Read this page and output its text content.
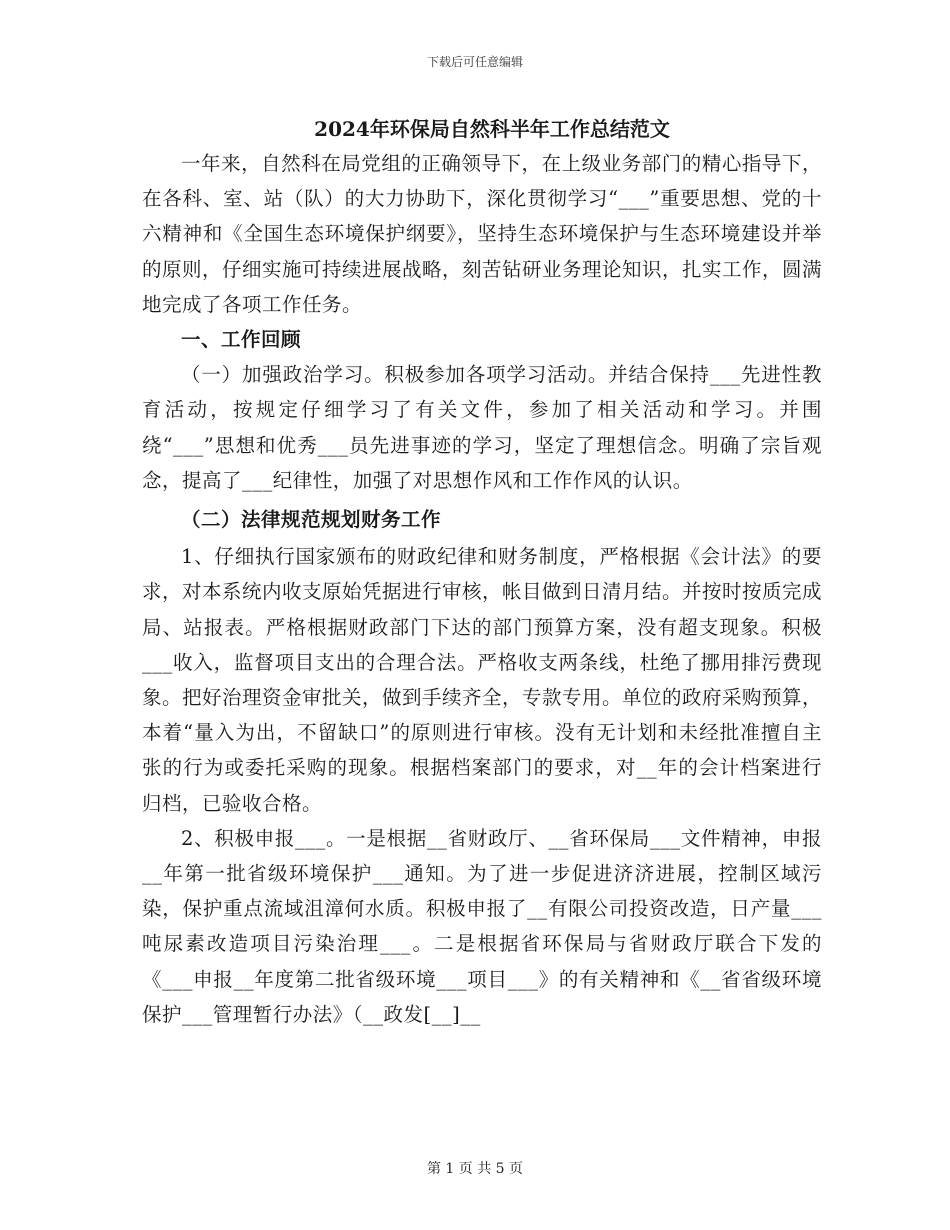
下载后可任意编辑
2024年环保局自然科半年工作总结范文

一年来，自然科在局党组的正确领导下，在上级业务部门的精心指导下，在各科、室、站（队）的大力协助下，深化贯彻学习“___”重要思想、党的十六精神和《全国生态环境保护纲要》，坚持生态环境保护与生态环境建设并举的原则，仔细实施可持续进展战略，刻苦钻研业务理论知识，扎实工作，圆满地完成了各项工作任务。

一、工作回顾

（一）加强政治学习。积极参加各项学习活动。并结合保持___先进性教育活动，按规定仔细学习了有关文件，参加了相关活动和学习。并围绕“___”思想和优秀___员先进事迹的学习，坚定了理想信念。明确了宗旨观念，提高了___纪律性，加强了对思想作风和工作作风的认识。

（二）法律规范规划财务工作

1、仔细执行国家颁布的财政纪律和财务制度，严格根据《会计法》的要求，对本系统内收支原始凭据进行审核，帐目做到日清月结。并按时按质完成局、站报表。严格根据财政部门下达的部门预算方案，没有超支现象。积极___收入，监督项目支出的合理合法。严格收支两条线，杜绝了挪用排污费现象。把好治理资金审批关，做到手续齐全，专款专用。单位的政府采购预算，本着“量入为出，不留缺口”的原则进行审核。没有无计划和未经批准擅自主张的行为或委托采购的现象。根据档案部门的要求，对__年的会计档案进行归档，已验收合格。

2、积极申报___。一是根据__省财政厅、__省环保局___文件精神，申报__年第一批省级环境保护___通知。为了进一步促进济济进展，控制区域污染，保护重点流域沮漳何水质。积极申报了__有限公司投资改造，日产量___吨尿素改造项目污染治理___。二是根据省环保局与省财政厅联合下发的《___申报__年度第二批省级环境___项目___》的有关精神和《__省省级环境保护___管理暂行办法》（__政发[__]__

第 1 页 共 5 页
